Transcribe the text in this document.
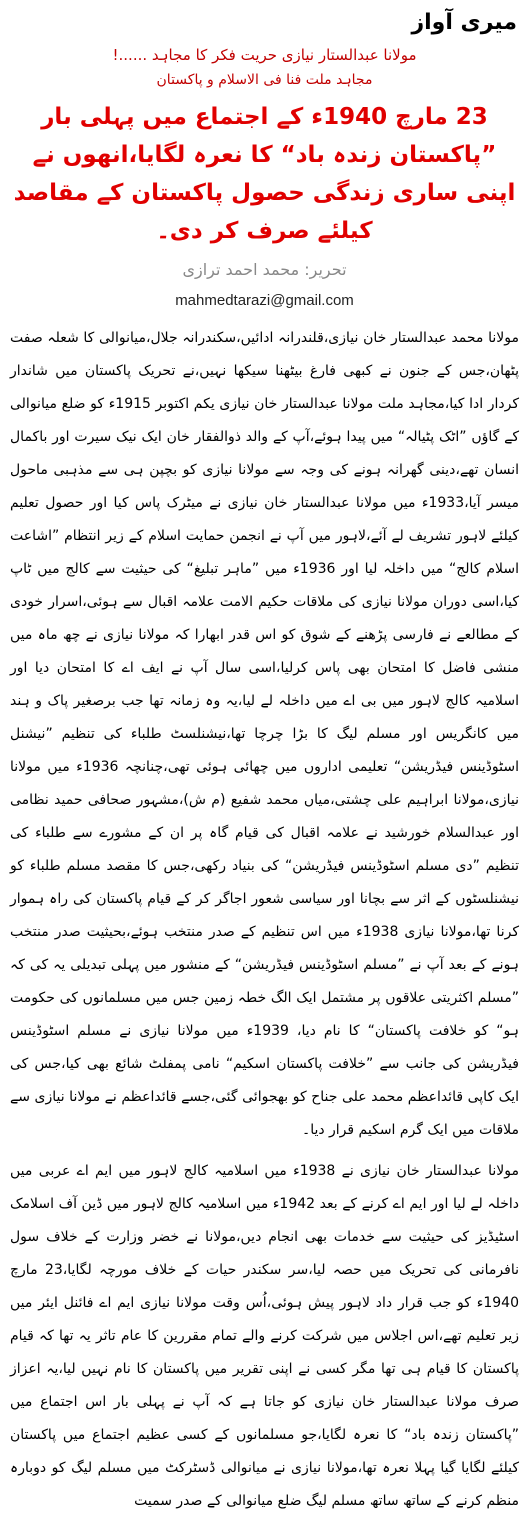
میری آواز
مولانا عبدالستار نیازی حریت فکر کا مجاہد ......!
مجاہد ملت فنا فی الاسلام و پاکستان
23 مارچ 1940ء کے اجتماع میں پہلی بار ”پاکستان زندہ باد“ کا نعرہ لگایا،انھوں نے اپنی ساری زندگی حصول پاکستان کے مقاصد کیلئے صرف کر دی۔
تحریر: محمد احمد ترازی
mahmedtarazi@gmail.com

مولانا محمد عبدالستار خان نیازی،قلندرانہ ادائیں،سکندرانہ جلال،میانوالی کا شعلہ صفت پٹھان،جس کے جنون نے کبھی فارغ بیٹھنا سیکھا نہیں،نے تحریک پاکستان میں شاندار کردار ادا کیا،مجاہد ملت مولانا عبدالستار خان نیازی یکم اکتوبر 1915ء کو ضلع میانوالی کے گاؤں ”اٹک پٹیالہ“ میں پیدا ہوئے،آپ کے والد ذوالفقار خان ایک نیک سیرت اور باکمال انسان تھے،دینی گھرانہ ہونے کی وجہ سے مولانا نیازی کو بچپن ہی سے مذہبی ماحول میسر آیا،1933ء میں مولانا عبدالستار خان نیازی نے میٹرک پاس کیا اور حصول تعلیم کیلئے لاہور تشریف لے آئے،لاہور میں آپ نے انجمن حمایت اسلام کے زیر انتظام ”اشاعت اسلام کالج“ میں داخلہ لیا اور 1936ء میں ”ماہر تبلیغ“ کی حیثیت سے کالج میں ٹاپ کیا،اسی دوران مولانا نیازی کی ملاقات حکیم الامت علامہ اقبال سے ہوئی،اسرار خودی کے مطالعے نے فارسی پڑھنے کے شوق کو اس قدر ابھارا کہ مولانا نیازی نے چھ ماہ میں منشی فاضل کا امتحان بھی پاس کرلیا،اسی سال آپ نے ایف اے کا امتحان دیا اور اسلامیہ کالج لاہور میں بی اے میں داخلہ لے لیا،یہ وہ زمانہ تھا جب برصغیر پاک و ہند میں کانگریس اور مسلم لیگ کا بڑا چرچا تھا،نیشنلسٹ طلباء کی تنظیم ”نیشنل اسٹوڈینس فیڈریشن“ تعلیمی اداروں میں چھائی ہوئی تھی،چنانچہ 1936ء میں مولانا نیازی،مولانا ابراہیم علی چشتی،میاں محمد شفیع (م ش)،مشہور صحافی حمید نظامی اور عبدالسلام خورشید نے علامہ اقبال کی قیام گاہ پر ان کے مشورے سے طلباء کی تنظیم ”دی مسلم اسٹوڈینس فیڈریشن“ کی بنیاد رکھی،جس کا مقصد مسلم طلباء کو نیشنلسٹوں کے اثر سے بچانا اور سیاسی شعور اجاگر کر کے قیام پاکستان کی راہ ہموار کرنا تھا،مولانا نیازی 1938ء میں اس تنظیم کے صدر منتخب ہوئے،بحیثیت صدر منتخب ہونے کے بعد آپ نے ”مسلم اسٹوڈینس فیڈریشن“ کے منشور میں پہلی تبدیلی یہ کی کہ ”مسلم اکثریتی علاقوں پر مشتمل ایک الگ خطہ زمین جس میں مسلمانوں کی حکومت ہو“ کو خلافت پاکستان“ کا نام دیا، 1939ء میں مولانا نیازی نے مسلم اسٹوڈینس فیڈریشن کی جانب سے ”خلافت پاکستان اسکیم“ نامی پمفلٹ شائع بھی کیا،جس کی ایک کاپی قائداعظم محمد علی جناح کو بھجوائی گئی،جسے قائداعظم نے مولانا نیازی سے ملاقات میں ایک گرم اسکیم قرار دیا۔

مولانا عبدالستار خان نیازی نے 1938ء میں اسلامیہ کالج لاہور میں ایم اے عربی میں داخلہ لے لیا اور ایم اے کرنے کے بعد 1942ء میں اسلامیہ کالج لاہور میں ڈین آف اسلامک اسٹیڈیز کی حیثیت سے خدمات بھی انجام دیں،مولانا نے خضر وزارت کے خلاف سول نافرمانی کی تحریک میں حصہ لیا،سر سکندر حیات کے خلاف مورچہ لگایا،23 مارچ 1940ء کو جب قرار داد لاہور پیش ہوئی،اُس وقت مولانا نیازی ایم اے فائنل ایئر میں زیر تعلیم تھے،اس اجلاس میں شرکت کرنے والے تمام مقررین کا عام تاثر یہ تھا کہ قیام پاکستان کا قیام ہی تھا مگر کسی نے اپنی تقریر میں پاکستان کا نام نہیں لیا،یہ اعزاز صرف مولانا عبدالستار خان نیازی کو جاتا ہے کہ آپ نے پہلی بار اس اجتماع میں ”پاکستان زندہ باد“ کا نعرہ لگایا،جو مسلمانوں کے کسی عظیم اجتماع میں پاکستان کیلئے لگایا گیا پہلا نعرہ تھا،مولانا نیازی نے میانوالی ڈسٹرکٹ میں مسلم لیگ کو دوبارہ منظم کرنے کے ساتھ ساتھ مسلم لیگ ضلع میانوالی کے صدر سمیت
